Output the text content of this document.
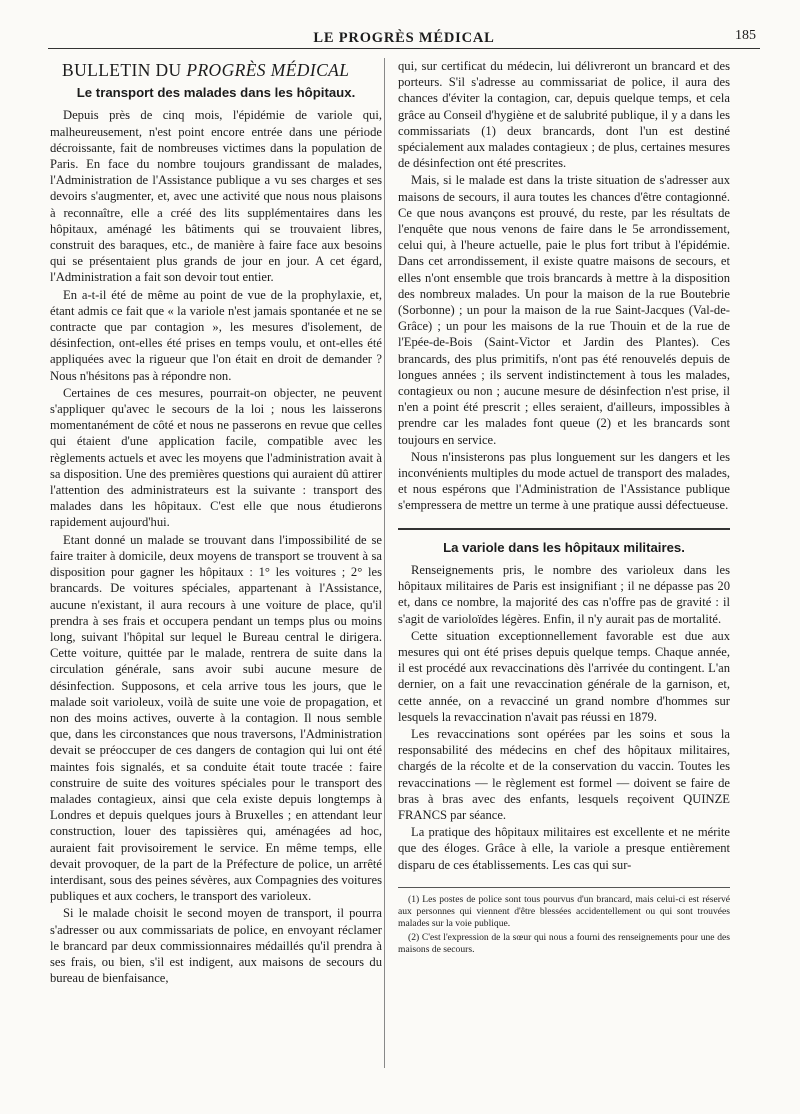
LE PROGRÈS MÉDICAL	185
BULLETIN DU PROGRÈS MÉDICAL
Le transport des malades dans les hôpitaux.

Depuis près de cinq mois, l'épidémie de variole qui, malheureusement, n'est point encore entrée dans une période décroissante, fait de nombreuses victimes dans la population de Paris. En face du nombre toujours grandissant de malades, l'Administration de l'Assistance publique a vu ses charges et ses devoirs s'augmenter, et, avec une activité que nous nous plaisons à reconnaître, elle a créé des lits supplémentaires dans les hôpitaux, aménagé les bâtiments qui se trouvaient libres, construit des baraques, etc., de manière à faire face aux besoins qui se présentaient plus grands de jour en jour. A cet égard, l'Administration a fait son devoir tout entier.

En a-t-il été de même au point de vue de la prophylaxie, et, étant admis ce fait que « la variole n'est jamais spontanée et ne se contracte que par contagion », les mesures d'isolement, de désinfection, ont-elles été prises en temps voulu, et ont-elles été appliquées avec la rigueur que l'on était en droit de demander ? Nous n'hésitons pas à répondre non.

Certaines de ces mesures, pourrait-on objecter, ne peuvent s'appliquer qu'avec le secours de la loi ; nous les laisserons momentanément de côté et nous ne passerons en revue que celles qui étaient d'une application facile, compatible avec les règlements actuels et avec les moyens que l'administration avait à sa disposition. Une des premières questions qui auraient dû attirer l'attention des administrateurs est la suivante : transport des malades dans les hôpitaux. C'est elle que nous étudierons rapidement aujourd'hui.

Etant donné un malade se trouvant dans l'impossibilité de se faire traiter à domicile, deux moyens de transport se trouvent à sa disposition pour gagner les hôpitaux : 1° les voitures ; 2° les brancards. De voitures spéciales, appartenant à l'Assistance, aucune n'existant, il aura recours à une voiture de place, qu'il prendra à ses frais et occupera pendant un temps plus ou moins long, suivant l'hôpital sur lequel le Bureau central le dirigera. Cette voiture, quittée par le malade, rentrera de suite dans la circulation générale, sans avoir subi aucune mesure de désinfection. Supposons, et cela arrive tous les jours, que le malade soit varioleux, voilà de suite une voie de propagation, et non des moins actives, ouverte à la contagion. Il nous semble que, dans les circonstances que nous traversons, l'Administration devait se préoccuper de ces dangers de contagion qui lui ont été maintes fois signalés, et sa conduite était toute tracée : faire construire de suite des voitures spéciales pour le transport des malades contagieux, ainsi que cela existe depuis longtemps à Londres et depuis quelques jours à Bruxelles ; en attendant leur construction, louer des tapissières qui, aménagées ad hoc, auraient fait provisoirement le service. En même temps, elle devait provoquer, de la part de la Préfecture de police, un arrêté interdisant, sous des peines sévères, aux Compagnies des voitures publiques et aux cochers, le transport des varioleux.

Si le malade choisit le second moyen de transport, il pourra s'adresser ou aux commissariats de police, en envoyant réclamer le brancard par deux commissionnaires médaillés qu'il prendra à ses frais, ou bien, s'il est indigent, aux maisons de secours du bureau de bienfaisance,

qui, sur certificat du médecin, lui délivreront un brancard et des porteurs. S'il s'adresse au commissariat de police, il aura des chances d'éviter la contagion, car, depuis quelque temps, et cela grâce au Conseil d'hygiène et de salubrité publique, il y a dans les commissariats (1) deux brancards, dont l'un est destiné spécialement aux malades contagieux ; de plus, certaines mesures de désinfection ont été prescrites.

Mais, si le malade est dans la triste situation de s'adresser aux maisons de secours, il aura toutes les chances d'être contagionné. Ce que nous avançons est prouvé, du reste, par les résultats de l'enquête que nous venons de faire dans le 5e arrondissement, celui qui, à l'heure actuelle, paie le plus fort tribut à l'épidémie. Dans cet arrondissement, il existe quatre maisons de secours, et elles n'ont ensemble que trois brancards à mettre à la disposition des nombreux malades. Un pour la maison de la rue Boutebrie (Sorbonne) ; un pour la maison de la rue Saint-Jacques (Val-de-Grâce) ; un pour les maisons de la rue Thouin et de la rue de l'Epée-de-Bois (Saint-Victor et Jardin des Plantes). Ces brancards, des plus primitifs, n'ont pas été renouvelés depuis de longues années ; ils servent indistinctement à tous les malades, contagieux ou non ; aucune mesure de désinfection n'est prise, il n'en a point été prescrit ; elles seraient, d'ailleurs, impossibles à prendre car les malades font queue (2) et les brancards sont toujours en service.

Nous n'insisterons pas plus longuement sur les dangers et les inconvénients multiples du mode actuel de transport des malades, et nous espérons que l'Administration de l'Assistance publique s'empressera de mettre un terme à une pratique aussi défectueuse.

La variole dans les hôpitaux militaires.

Renseignements pris, le nombre des varioleux dans les hôpitaux militaires de Paris est insignifiant ; il ne dépasse pas 20 et, dans ce nombre, la majorité des cas n'offre pas de gravité : il s'agit de varioloïdes légères. Enfin, il n'y aurait pas de mortalité.

Cette situation exceptionnellement favorable est due aux mesures qui ont été prises depuis quelque temps. Chaque année, il est procédé aux revaccinations dès l'arrivée du contingent. L'an dernier, on a fait une revaccination générale de la garnison, et, cette année, on a revacciné un grand nombre d'hommes sur lesquels la revaccination n'avait pas réussi en 1879.

Les revaccinations sont opérées par les soins et sous la responsabilité des médecins en chef des hôpitaux militaires, chargés de la récolte et de la conservation du vaccin. Toutes les revaccinations — le règlement est formel — doivent se faire de bras à bras avec des enfants, lesquels reçoivent QUINZE FRANCS par séance.

La pratique des hôpitaux militaires est excellente et ne mérite que des éloges. Grâce à elle, la variole a presque entièrement disparu de ces établissements. Les cas qui sur-

(1) Les postes de police sont tous pourvus d'un brancard, mais celui-ci est réservé aux personnes qui viennent d'être blessées accidentellement ou qui sont trouvées malades sur la voie publique.

(2) C'est l'expression de la sœur qui nous a fourni des renseignements pour une des maisons de secours.
